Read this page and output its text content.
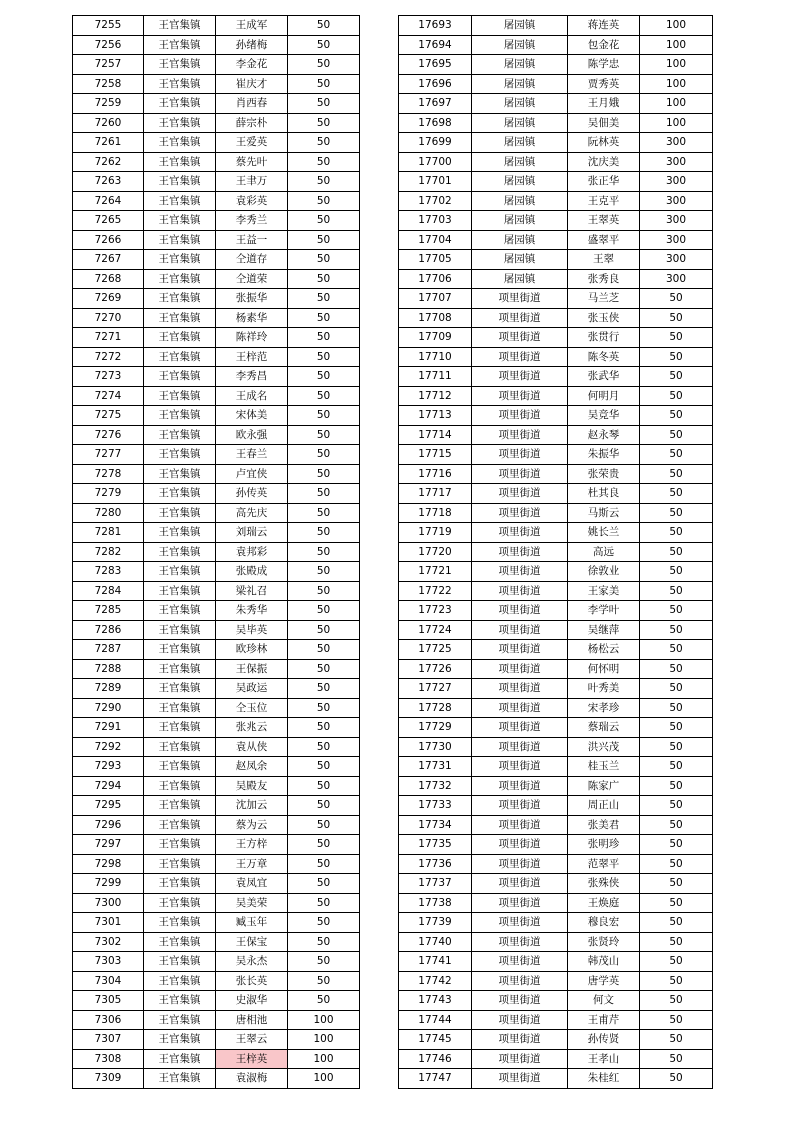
7255	王官集镇	王成军	50
7256	王官集镇	孙绪梅	50
7257	王官集镇	李金花	50
7258	王官集镇	崔庆才	50
7259	王官集镇	肖西春	50
7260	王官集镇	薛宗朴	50
7261	王官集镇	王爱英	50
7262	王官集镇	蔡先叶	50
7263	王官集镇	王聿万	50
7264	王官集镇	袁彩英	50
7265	王官集镇	李秀兰	50
7266	王官集镇	王益一	50
7267	王官集镇	仝道存	50
7268	王官集镇	仝道荣	50
7269	王官集镇	张振华	50
7270	王官集镇	杨素华	50
7271	王官集镇	陈祥玲	50
7272	王官集镇	王梓范	50
7273	王官集镇	李秀昌	50
7274	王官集镇	王成名	50
7275	王官集镇	宋体美	50
7276	王官集镇	欧永强	50
7277	王官集镇	王春兰	50
7278	王官集镇	卢宜侠	50
7279	王官集镇	孙传英	50
7280	王官集镇	高先庆	50
7281	王官集镇	刘瑞云	50
7282	王官集镇	袁邦彩	50
7283	王官集镇	张殿成	50
7284	王官集镇	梁礼召	50
7285	王官集镇	朱秀华	50
7286	王官集镇	吴毕英	50
7287	王官集镇	欧珍林	50
7288	王官集镇	王保振	50
7289	王官集镇	吴政运	50
7290	王官集镇	仝玉位	50
7291	王官集镇	张兆云	50
7292	王官集镇	袁从侠	50
7293	王官集镇	赵凤余	50
7294	王官集镇	吴殿友	50
7295	王官集镇	沈加云	50
7296	王官集镇	蔡为云	50
7297	王官集镇	王方梓	50
7298	王官集镇	王万章	50
7299	王官集镇	袁凤宜	50
7300	王官集镇	吴美荣	50
7301	王官集镇	臧玉年	50
7302	王官集镇	王保宝	50
7303	王官集镇	吴永杰	50
7304	王官集镇	张长英	50
7305	王官集镇	史淑华	50
7306	王官集镇	唐相池	100
7307	王官集镇	王翠云	100
7308	王官集镇	王梓英	100
7309	王官集镇	袁淑梅	100
17693	屠园镇	蒋连英	100
17694	屠园镇	包金花	100
17695	屠园镇	陈学忠	100
17696	屠园镇	贾秀英	100
17697	屠园镇	王月娥	100
17698	屠园镇	吴佃美	100
17699	屠园镇	阮林英	300
17700	屠园镇	沈庆美	300
17701	屠园镇	张正华	300
17702	屠园镇	王克平	300
17703	屠园镇	王翠英	300
17704	屠园镇	盛翠平	300
17705	屠园镇	王翠	300
17706	屠园镇	张秀良	300
17707	项里街道	马兰芝	50
17708	项里街道	张玉侠	50
17709	项里街道	张贯行	50
17710	项里街道	陈冬英	50
17711	项里街道	张武华	50
17712	项里街道	何明月	50
17713	项里街道	吴竞华	50
17714	项里街道	赵永琴	50
17715	项里街道	朱振华	50
17716	项里街道	张荣贵	50
17717	项里街道	杜其良	50
17718	项里街道	马斯云	50
17719	项里街道	姚长兰	50
17720	项里街道	高远	50
17721	项里街道	徐敦业	50
17722	项里街道	王家美	50
17723	项里街道	李学叶	50
17724	项里街道	吴继萍	50
17725	项里街道	杨松云	50
17726	项里街道	何怀明	50
17727	项里街道	叶秀美	50
17728	项里街道	宋孝珍	50
17729	项里街道	蔡瑞云	50
17730	项里街道	洪兴茂	50
17731	项里街道	桂玉兰	50
17732	项里街道	陈家广	50
17733	项里街道	周正山	50
17734	项里街道	张美君	50
17735	项里街道	张明珍	50
17736	项里街道	范翠平	50
17737	项里街道	张殊侠	50
17738	项里街道	王焕庭	50
17739	项里街道	穆良宏	50
17740	项里街道	张贤玲	50
17741	项里街道	韩茂山	50
17742	项里街道	唐学英	50
17743	项里街道	何文	50
17744	项里街道	王甫芹	50
17745	项里街道	孙传贤	50
17746	项里街道	王孝山	50
17747	项里街道	朱桂红	50
